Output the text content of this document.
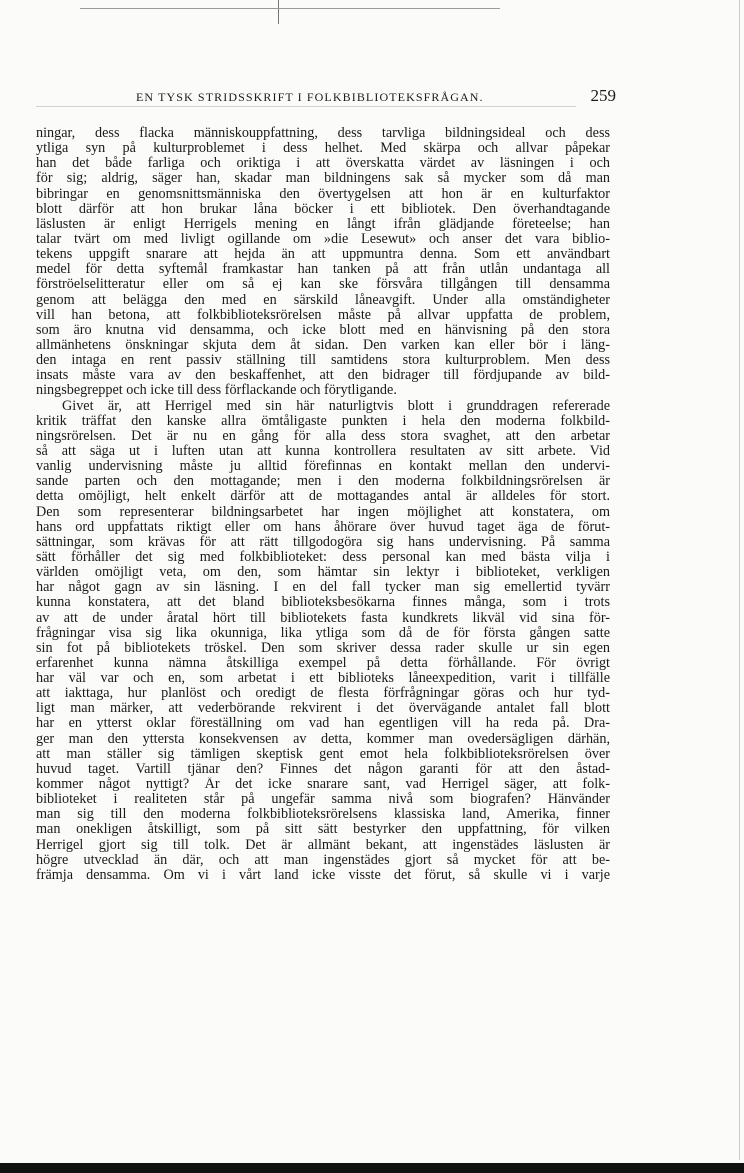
EN TYSK STRIDSSKRIFT I FOLKBIBLIOTEKSFRÅGAN.	259
ningar, dess flacka människouppfattning, dess tarvliga bildningsideal och dess
ytliga syn på kulturproblemet i dess helhet. Med skärpa och allvar påpekar
han det både farliga och oriktiga i att överskatta värdet av läsningen i och
för sig; aldrig, säger han, skadar man bildningens sak så mycker som då man
bibringar en genomsnittsmänniska den övertygelsen att hon är en kulturfaktor
blott därför att hon brukar låna böcker i ett bibliotek. Den överhandtagande
läslusten är enligt Herrigels mening en långt ifrån glädjande företeelse; han
talar tvärt om med livligt ogillande om »die Lesewut» och anser det vara biblio-
tekens uppgift snarare att hejda än att uppmuntra denna. Som ett användbart
medel för detta syftemål framkastar han tanken på att från utlån undantaga all
förströelselitteratur eller om så ej kan ske försvåra tillgången till densamma
genom att belägga den med en särskild låneavgift. Under alla omständigheter
vill han betona, att folkbiblioteksrörelsen måste på allvar uppfatta de problem,
som äro knutna vid densamma, och icke blott med en hänvisning på den stora
allmänhetens önskningar skjuta dem åt sidan. Den varken kan eller bör i läng-
den intaga en rent passiv ställning till samtidens stora kulturproblem. Men dess
insats måste vara av den beskaffenhet, att den bidrager till fördjupande av bild-
ningsbegreppet och icke till dess förflackande och förytligande.
Givet är, att Herrigel med sin här naturligtvis blott i grunddragen refererade
kritik träffat den kanske allra ömtåligaste punkten i hela den moderna folkbild-
ningsrörelsen. Det är nu en gång för alla dess stora svaghet, att den arbetar
så att säga ut i luften utan att kunna kontrollera resultaten av sitt arbete. Vid
vanlig undervisning måste ju alltid förefinnas en kontakt mellan den undervi-
sande parten och den mottagande; men i den moderna folkbildningsrörelsen är
detta omöjligt, helt enkelt därför att de mottagandes antal är alldeles för stort.
Den som representerar bildningsarbetet har ingen möjlighet att konstatera, om
hans ord uppfattats riktigt eller om hans åhörare över huvud taget äga de förut-
sättningar, som krävas för att rätt tillgodogöra sig hans undervisning. På samma
sätt förhåller det sig med folkbiblioteket: dess personal kan med bästa vilja i
världen omöjligt veta, om den, som hämtar sin lektyr i biblioteket, verkligen
har något gagn av sin läsning. I en del fall tycker man sig emellertid tyvärr
kunna konstatera, att det bland biblioteksbesökarna finnes många, som i trots
av att de under åratal hört till bibliotekets fasta kundkrets likväl vid sina för-
frågningar visa sig lika okunniga, lika ytliga som då de för första gången satte
sin fot på bibliotekets tröskel. Den som skriver dessa rader skulle ur sin egen
erfarenhet kunna nämna åtskilliga exempel på detta förhållande. För övrigt
har väl var och en, som arbetat i ett biblioteks låneexpedition, varit i tillfälle
att iakttaga, hur planlöst och oredigt de flesta förfrågningar göras och hur tyd-
ligt man märker, att vederbörande rekvirent i det övervägande antalet fall blott
har en ytterst oklar föreställning om vad han egentligen vill ha reda på. Dra-
ger man den yttersta konsekvensen av detta, kommer man ovedersägligen därhän,
att man ställer sig tämligen skeptisk gent emot hela folkbiblioteksrörelsen över
huvud taget. Vartill tjänar den? Finnes det någon garanti för att den åstad-
kommer något nyttigt? Är det icke snarare sant, vad Herrigel säger, att folk-
biblioteket i realiteten står på ungefär samma nivå som biografen? Hänvänder
man sig till den moderna folkbiblioteksrörelsens klassiska land, Amerika, finner
man onekligen åtskilligt, som på sitt sätt bestyrker den uppfattning, för vilken
Herrigel gjort sig till tolk. Det är allmänt bekant, att ingenstädes läslusten är
högre utvecklad än där, och att man ingenstädes gjort så mycket för att be-
främja densamma. Om vi i vårt land icke visste det förut, så skulle vi i varje
